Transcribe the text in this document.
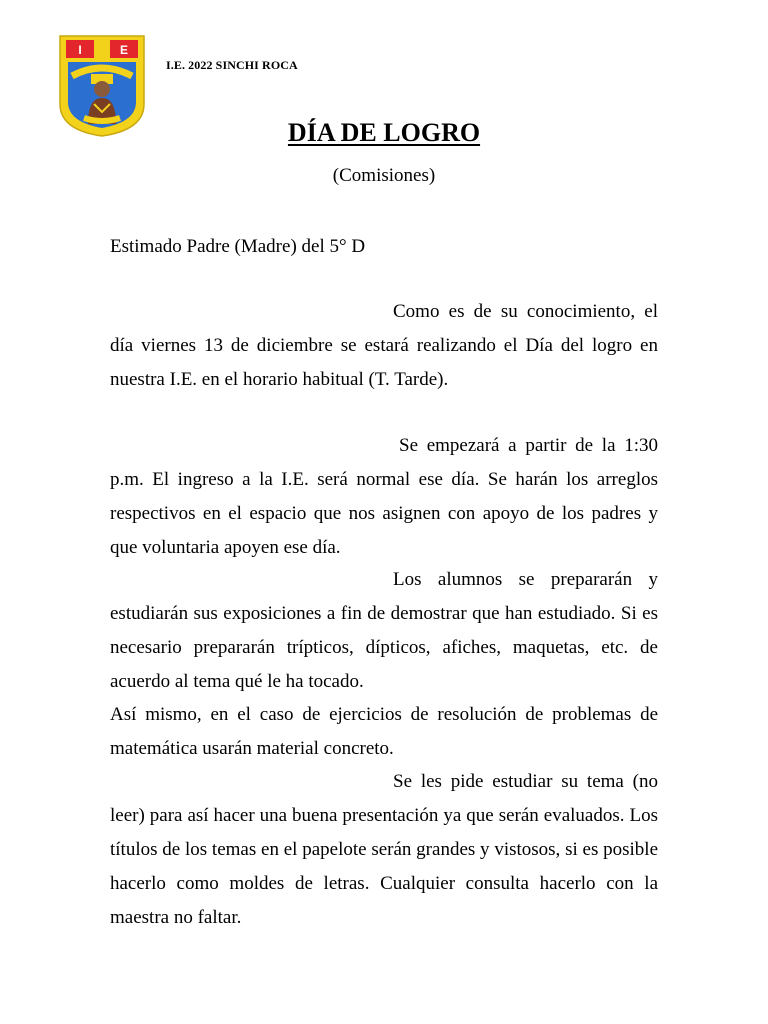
I	E
I.E. 2022 SINCHI ROCA
DÍA DE LOGRO
(Comisiones)
Estimado Padre (Madre) del 5° D

Como es de su conocimiento, el día viernes 13 de diciembre se estará realizando el Día del logro en nuestra I.E. en el horario habitual (T. Tarde).

Se empezará a partir de la 1:30 p.m. El ingreso a la I.E. será normal ese día. Se harán los arreglos respectivos en el espacio que nos asignen con apoyo de los padres y que voluntaria apoyen ese día.

Los alumnos se prepararán y estudiarán sus exposiciones a fin de demostrar que han estudiado. Si es necesario prepararán trípticos, dípticos, afiches, maquetas, etc. de acuerdo al tema qué le ha tocado.

Así mismo, en el caso de ejercicios de resolución de problemas de matemática usarán material concreto.

Se les pide estudiar su tema (no leer) para así hacer una buena presentación ya que serán evaluados. Los títulos de los temas en el papelote serán grandes y vistosos, si es posible hacerlo como moldes de letras. Cualquier consulta hacerlo con la maestra no faltar.
